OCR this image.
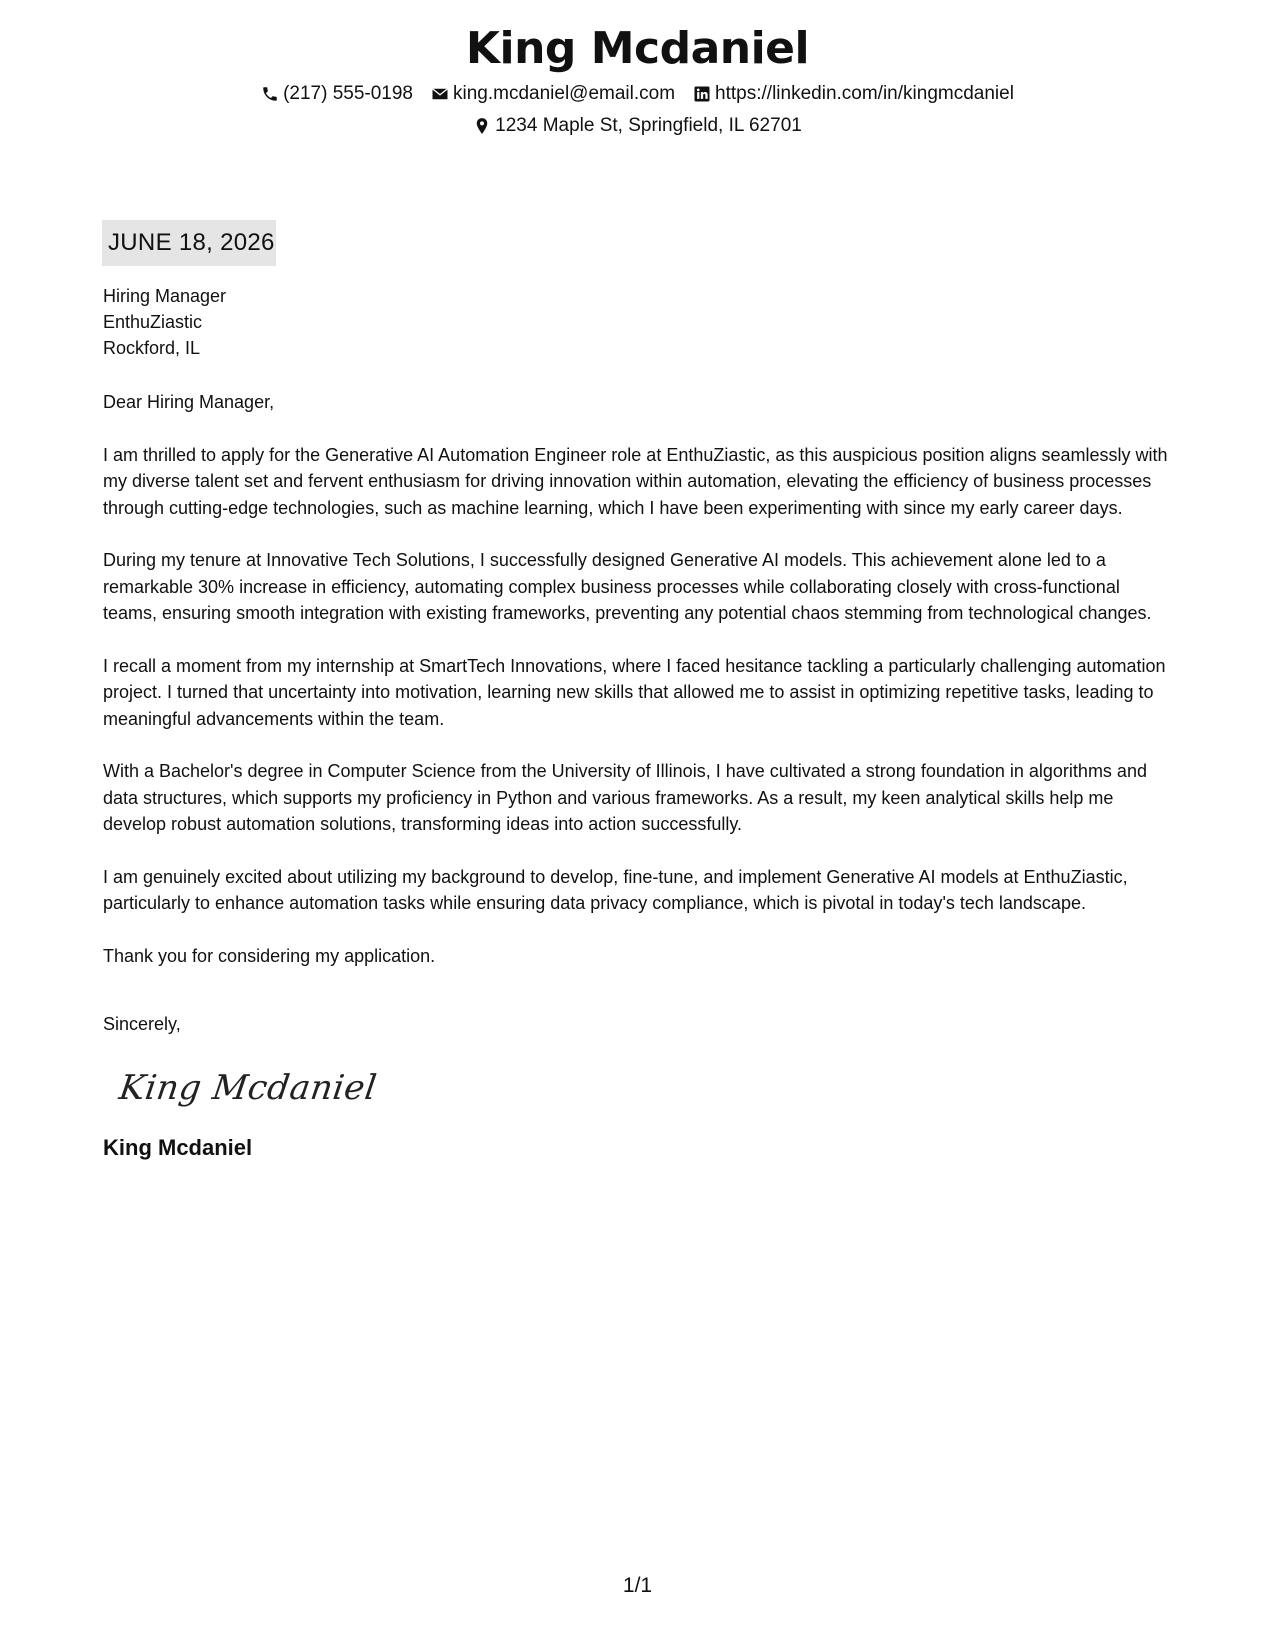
King Mcdaniel
(217) 555-0198 king.mcdaniel@email.com https://linkedin.com/in/kingmcdaniel
1234 Maple St, Springfield, IL 62701
JUNE 18, 2026
Hiring Manager
EnthuZiastic
Rockford, IL
Dear Hiring Manager,
I am thrilled to apply for the Generative AI Automation Engineer role at EnthuZiastic, as this auspicious position aligns seamlessly with my diverse talent set and fervent enthusiasm for driving innovation within automation, elevating the efficiency of business processes through cutting-edge technologies, such as machine learning, which I have been experimenting with since my early career days.
During my tenure at Innovative Tech Solutions, I successfully designed Generative AI models. This achievement alone led to a remarkable 30% increase in efficiency, automating complex business processes while collaborating closely with cross-functional teams, ensuring smooth integration with existing frameworks, preventing any potential chaos stemming from technological changes.
I recall a moment from my internship at SmartTech Innovations, where I faced hesitance tackling a particularly challenging automation project. I turned that uncertainty into motivation, learning new skills that allowed me to assist in optimizing repetitive tasks, leading to meaningful advancements within the team.
With a Bachelor's degree in Computer Science from the University of Illinois, I have cultivated a strong foundation in algorithms and data structures, which supports my proficiency in Python and various frameworks. As a result, my keen analytical skills help me develop robust automation solutions, transforming ideas into action successfully.
I am genuinely excited about utilizing my background to develop, fine-tune, and implement Generative AI models at EnthuZiastic, particularly to enhance automation tasks while ensuring data privacy compliance, which is pivotal in today's tech landscape.
Thank you for considering my application.
Sincerely,
King Mcdaniel
King Mcdaniel
1/1
